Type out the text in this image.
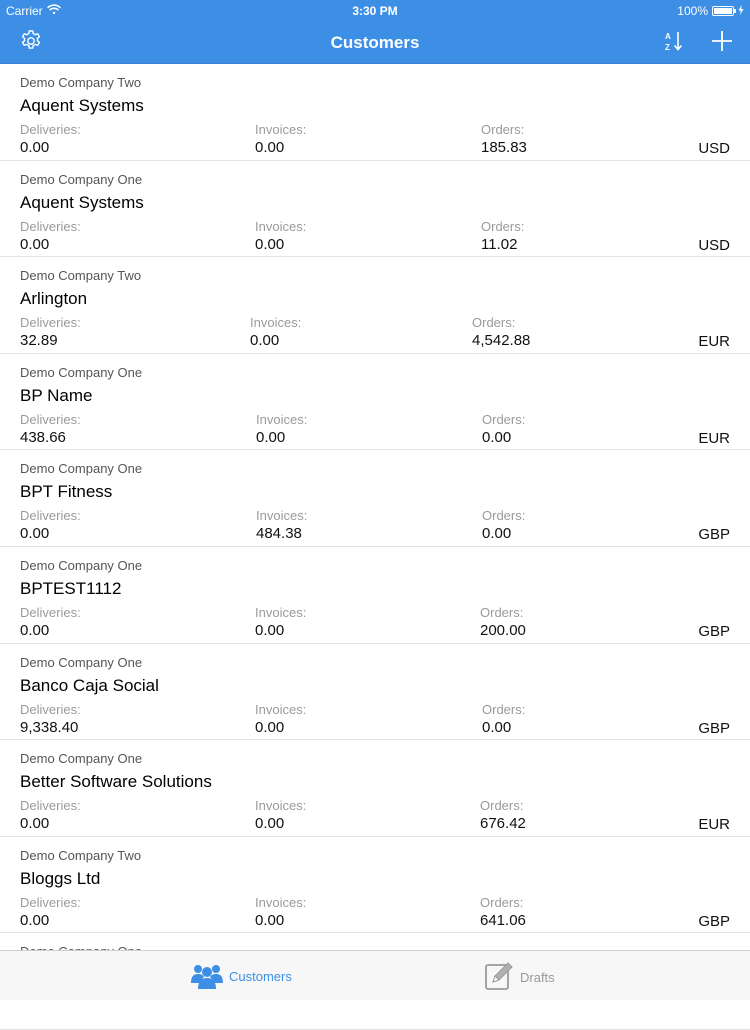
Carrier	3:30 PM	100%
Customers	A
Z
Demo Company Two
Aquent Systems
Deliveries:
0.00
Invoices:
0.00
Orders:
185.83	USD
Demo Company One
Aquent Systems
Deliveries:
0.00
Invoices:
0.00
Orders:
11.02	USD
Demo Company Two
Arlington
Deliveries:
32.89
Invoices:
0.00
Orders:
4,542.88	EUR
Demo Company One
BP Name
Deliveries:
438.66
Invoices:
0.00
Orders:
0.00	EUR
Demo Company One
BPT Fitness
Deliveries:
0.00
Invoices:
484.38
Orders:
0.00	GBP
Demo Company One
BPTEST1112
Deliveries:
0.00
Invoices:
0.00
Orders:
200.00	GBP
Demo Company One
Banco Caja Social
Deliveries:
9,338.40
Invoices:
0.00
Orders:
0.00	GBP
Demo Company One
Better Software Solutions
Deliveries:
0.00
Invoices:
0.00
Orders:
676.42	EUR
Demo Company Two
Bloggs Ltd
Deliveries:
0.00
Invoices:
0.00
Orders:
641.06	GBP
Customers	Drafts
